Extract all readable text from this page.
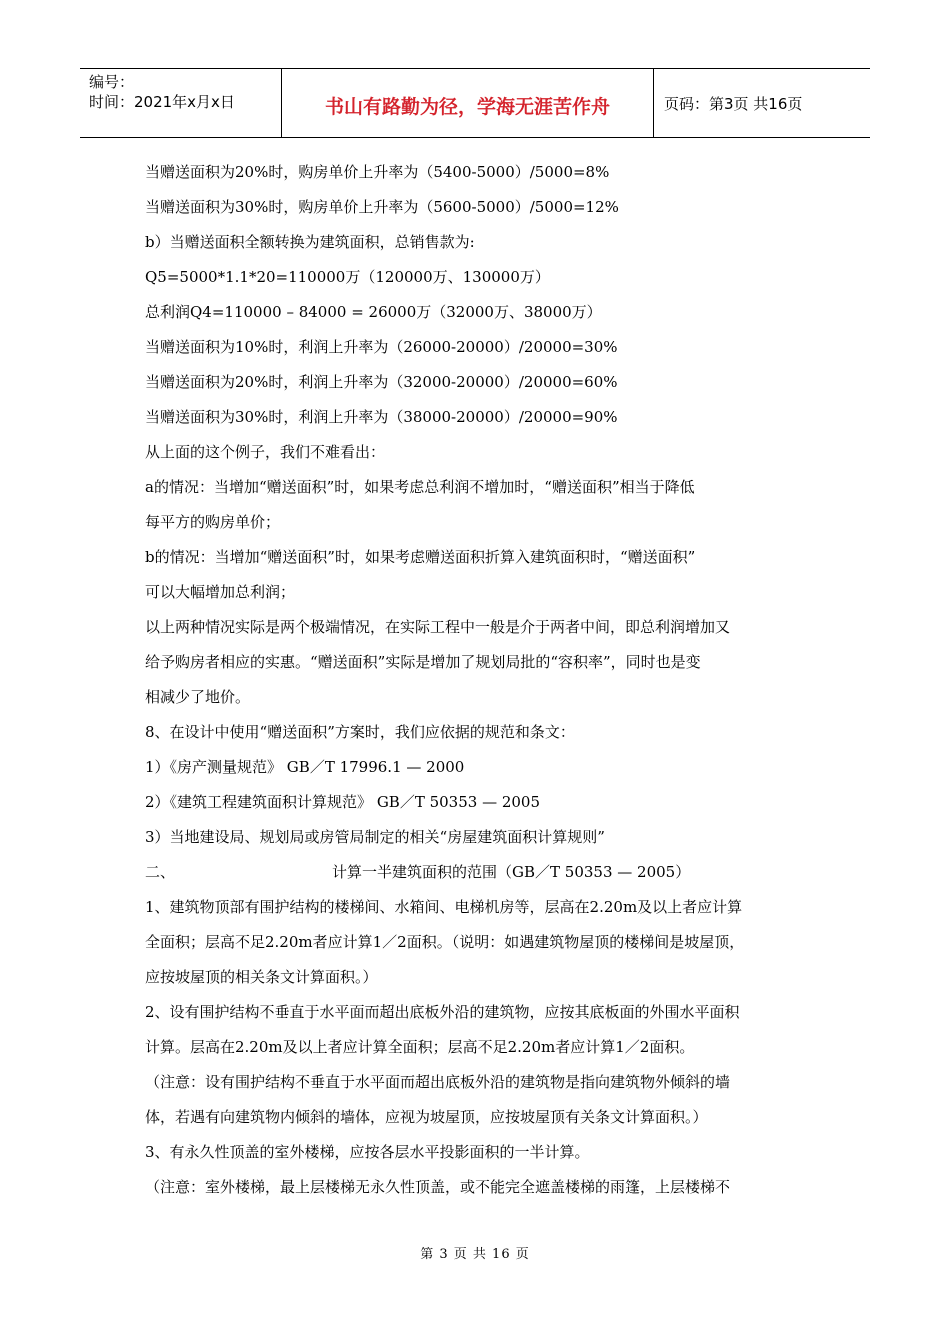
编号：
时间：2021年x月x日	书山有路勤为径，学海无涯苦作舟	页码：第3页 共16页
当赠送面积为20%时，购房单价上升率为（5400-5000）/5000=8%
当赠送面积为30%时，购房单价上升率为（5600-5000）/5000=12%
b）当赠送面积全额转换为建筑面积，总销售款为:
Q5=5000*1.1*20=110000万（120000万、130000万）
总利润Q4=110000 – 84000 = 26000万（32000万、38000万）
当赠送面积为10%时，利润上升率为（26000-20000）/20000=30%
当赠送面积为20%时，利润上升率为（32000-20000）/20000=60%
当赠送面积为30%时，利润上升率为（38000-20000）/20000=90%
从上面的这个例子，我们不难看出：
a的情况：当增加“赠送面积”时，如果考虑总利润不增加时，“赠送面积”相当于降低
每平方的购房单价；
b的情况：当增加“赠送面积”时，如果考虑赠送面积折算入建筑面积时，“赠送面积”
可以大幅增加总利润；
以上两种情况实际是两个极端情况，在实际工程中一般是介于两者中间，即总利润增加又
给予购房者相应的实惠。“赠送面积”实际是增加了规划局批的“容积率”，同时也是变
相减少了地价。
8、在设计中使用“赠送面积”方案时，我们应依据的规范和条文：
1）《房产测量规范》 GB／T 17996.1 — 2000
2）《建筑工程建筑面积计算规范》 GB／T 50353 — 2005
3）当地建设局、规划局或房管局制定的相关“房屋建筑面积计算规则”
二、	计算一半建筑面积的范围（GB／T 50353 — 2005）
1、建筑物顶部有围护结构的楼梯间、水箱间、电梯机房等，层高在2.20m及以上者应计算
全面积；层高不足2.20m者应计算1／2面积。（说明：如遇建筑物屋顶的楼梯间是坡屋顶，
应按坡屋顶的相关条文计算面积。）
2、设有围护结构不垂直于水平面而超出底板外沿的建筑物，应按其底板面的外围水平面积
计算。层高在2.20m及以上者应计算全面积；层高不足2.20m者应计算1／2面积。
（注意：设有围护结构不垂直于水平面而超出底板外沿的建筑物是指向建筑物外倾斜的墙
体，若遇有向建筑物内倾斜的墙体，应视为坡屋顶，应按坡屋顶有关条文计算面积。）
3、有永久性顶盖的室外楼梯，应按各层水平投影面积的一半计算。
（注意：室外楼梯，最上层楼梯无永久性顶盖，或不能完全遮盖楼梯的雨篷，上层楼梯不
第 3 页 共 16 页
